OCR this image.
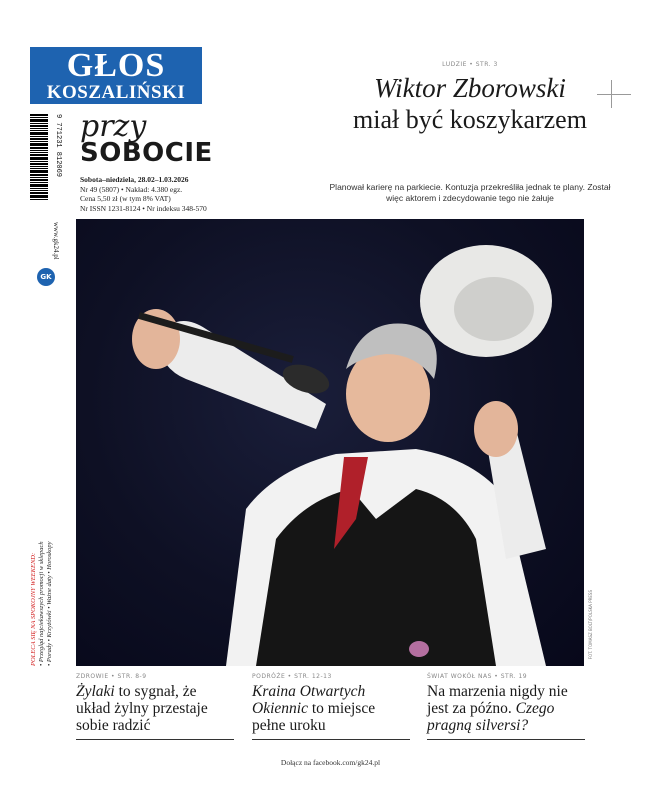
GŁOS
KOSZALIŃSKI
9 771231 812069
www.gk24.pl
GK
przy
SOBOCIE
Sobota–niedziela, 28.02–1.03.2026
Nr 49 (5807) • Nakład: 4.380 egz.
Cena 5,50 zł (w tym 8% VAT)
Nr ISSN 1231-8124 • Nr indeksu 348-570
LUDZIE • STR. 3
Wiktor Zborowski
miał być koszykarzem
Planował karierę na parkiecie. Kontuzja przekreśliła jednak te plany. Został więc aktorem i zdecydowanie tego nie żałuje
FOT. TOMASZ BOLT/POLSKA PRESS
POLECA SIĘ NA SPOKOJNY WEEKEND: • Przegląd najciekawszych promocji w sklepach • Porady • Krzyżówki • Ważne daty • Horoskopy
ZDROWIE • STR. 8-9
Żylaki to sygnał, że układ żylny przestaje sobie radzić
PODRÓŻE • STR. 12-13
Kraina Otwartych Okiennic to miejsce pełne uroku
ŚWIAT WOKÓŁ NAS • STR. 19
Na marzenia nigdy nie jest za późno. Czego pragną silversi?
Dołącz na facebook.com/gk24.pl
